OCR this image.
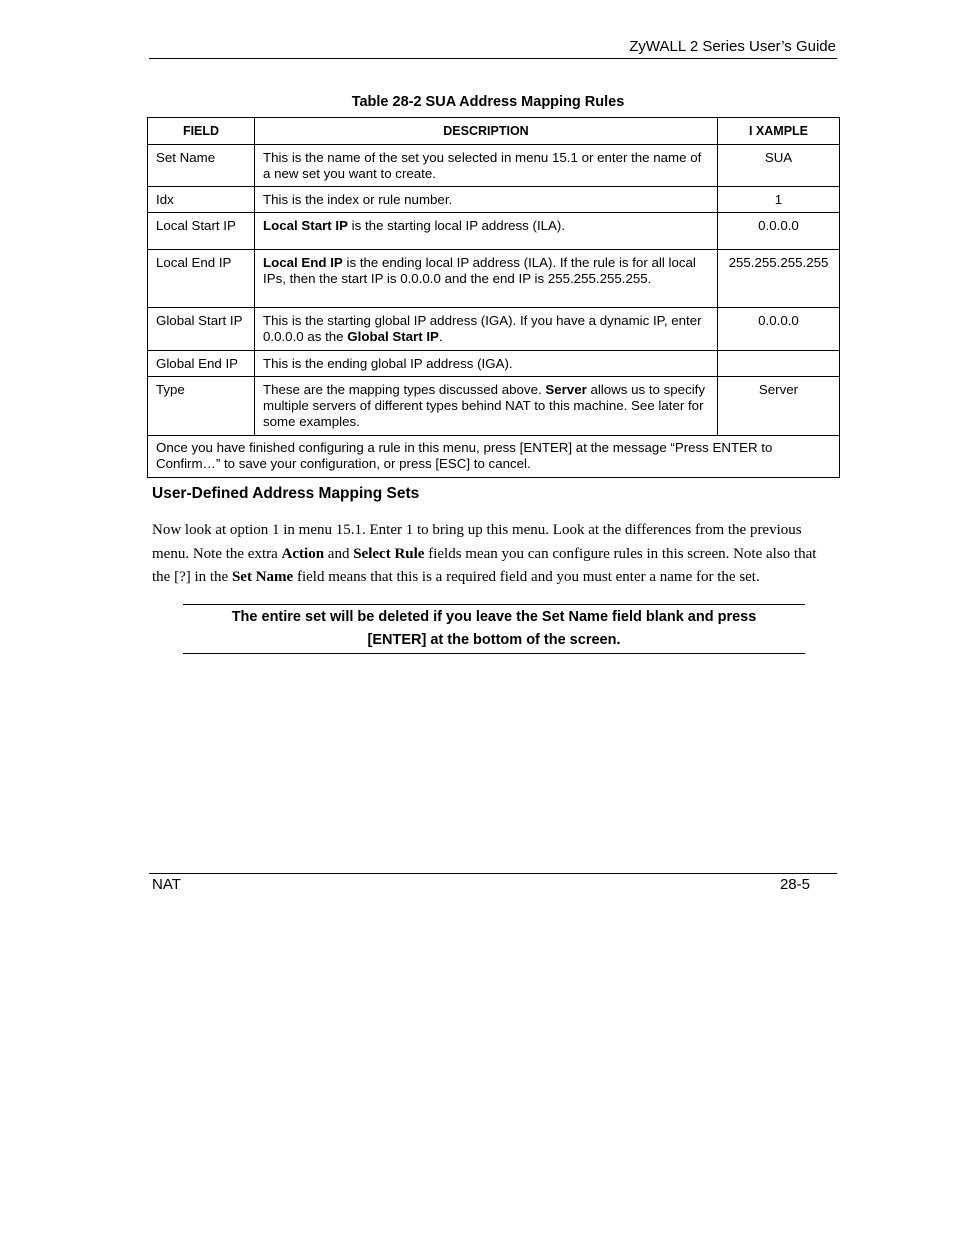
ZyWALL 2 Series User’s Guide
Table 28-2 SUA Address Mapping Rules
FIELD	DESCRIPTION	I XAMPLE
Set Name	This is the name of the set you selected in menu 15.1 or enter the name of a new set you want to create.	SUA
Idx	This is the index or rule number.	1
Local Start IP	Local Start IP is the starting local IP address (ILA).	0.0.0.0
Local End IP	Local End IP is the ending local IP address (ILA). If the rule is for all local IPs, then the start IP is 0.0.0.0 and the end IP is 255.255.255.255.	255.255.255.255
Global Start IP	This is the starting global IP address (IGA). If you have a dynamic IP, enter 0.0.0.0 as the Global Start IP.	0.0.0.0
Global End IP	This is the ending global IP address (IGA).	
Type	These are the mapping types discussed above. Server allows us to specify multiple servers of different types behind NAT to this machine. See later for some examples.	Server
Once you have finished configuring a rule in this menu, press [ENTER] at the message “Press ENTER to Confirm…” to save your configuration, or press [ESC] to cancel.		
User-Defined Address Mapping Sets
Now look at option 1 in menu 15.1. Enter 1 to bring up this menu. Look at the differences from the previous menu. Note the extra Action and Select Rule fields mean you can configure rules in this screen. Note also that the [?] in the Set Name field means that this is a required field and you must enter a name for the set.
The entire set will be deleted if you leave the Set Name field blank and press
[ENTER] at the bottom of the screen.
NAT	28-5
